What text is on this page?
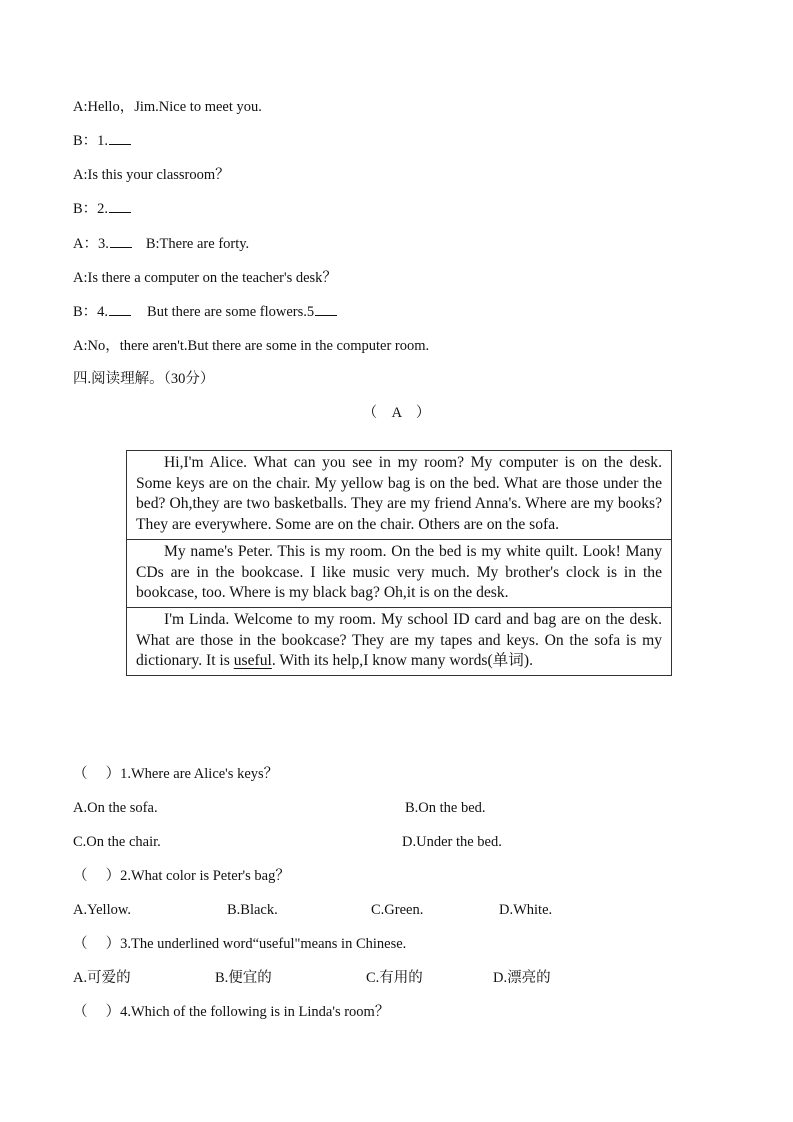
A:Hello，Jim.Nice to meet you.
B：1.
A:Is this your classroom？
B：2.
A：3.	B:There are forty.
A:Is there a computer on the teacher's desk？
B：4.	But there are some flowers.5
A:No，there aren't.But there are some in the computer room.
四.阅读理解。（30分）
（　A　）

Hi,I'm Alice. What can you see in my room? My computer is on the desk. Some keys are on the chair. My yellow bag is on the bed. What are those under the bed? Oh,they are two basketballs. They are my friend Anna's. Where are my books? They are everywhere. Some are on the chair. Others are on the sofa.

My name's Peter. This is my room. On the bed is my white quilt. Look! Many CDs are in the bookcase. I like music very much. My brother's clock is in the bookcase, too. Where is my black bag? Oh,it is on the desk.

I'm Linda. Welcome to my room. My school ID card and bag are on the desk. What are those in the bookcase? They are my tapes and keys. On the sofa is my dictionary. It is useful. With its help,I know many words(单词).

（　 ）1.Where are Alice's keys？
A.On the sofa.	B.On the bed.
C.On the chair.	D.Under the bed.
（　 ）2.What color is Peter's bag？
A.Yellow.	B.Black.	C.Green.	D.White.
（　 ）3.The underlined word“useful"means in Chinese.
A.可爱的	B.便宜的	C.有用的	D.漂亮的
（　 ）4.Which of the following is in Linda's room？
